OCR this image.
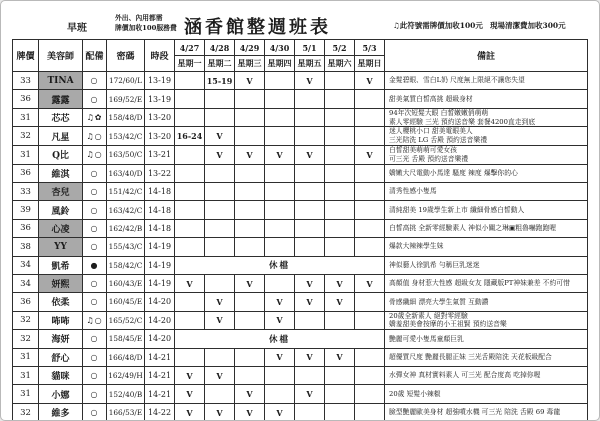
早班
外出、內用都需
牌價加收100服務費 涵香館整週班表	♫此符號需牌價加收100元 現場清潔費加收300元
牌價	美容師	配備	密碼	時段	4/27	4/28	4/29	4/30	5/1	5/2	5/3	備註
					星期一	星期二	星期三	星期四	星期五	星期六	星期日	
33	TINA	○	172/60/L	13-19		15-19	V		V		V	金髮碧眼、雪白L奶 尺度無上限絕不讓您失望

36	露露	○	169/52/E	13-19								甜美氣質白皙高挑 超級身材

31	芯芯	♫✿	158/48/D	13-20								94年次短髮大眼 白皙嫩嫩俏萌萌
素人零經驗 三光 預約送音樂 套餐4200直走到底

32	凡星	♫○	153/42/C	13-20	16-24	V						迷人櫻桃小口 甜美電眼美人
三光陪洗 LG 舌殿 預約送音樂禮

31	Q比	♫○	163/50/C	13-21		V	V	V	V		V	白皙甜美萌萌可愛女孩
可三光 舌殿 預約送音樂禮

36	維淇	○	163/40/D	13-22								嬌嫩大尺電動小馬達 騷度 辣度 爆擊你的心

33	杏兒	○	151/42/C	14-18								清秀性感小隻馬

39	風鈴	○	163/42/C	14-18								清純甜美 19歲學生新上市 纖細骨感白皙動人

36	心凌	○	162/42/B	14-18								白皙高挑 全新零經驗素人 神似小關之琳▣粗魯嚇跑跑喔

38	YY	○	155/43/C	14-19								爆款大辣辣學生妹

34	凱希	●	158/42/C	14-19	休檔							神似藝人徐凱希 勻稱巨乳迷迷

34	妍熙	○	160/43/E	14-19	V		V		V	V	V	高顏值 身材惹大性感 超級女友 隱藏版PT神妹兼差 不約可惜

36	依柔	○	160/45/E	14-20		V		V	V	V		骨感纖細 漂亮大學生氣質 互動讚

32	咘咘	♫○	165/52/C	14-20		V		V				20歲全新素人 絕對零經驗
嬌羞甜美會按摩的小王祖賢 預約送音樂

32	海妍	○	158/45/E	14-20	休檔							艷麗可愛小隻馬童顏巨乳

31	舒心	○	166/48/D	14-21				V	V	V		超優質尺度 艷麗長腿正妹 三光舌殿陪洗 天花板級配合

31	貓咪	○	162/49/H	14-21	V	V						水彈女神 真材實料素人 可三光 配合度高 吃掉你喔

31	小娜	○	152/40/B	14-21	V		V		V			20歲 短髮小辣椒

32	維多	○	166/53/E	14-22	V	V	V	V				臉型艷麗歐美身材 超強噴水機 可三光 陪洗 舌殿 69 毒龍
